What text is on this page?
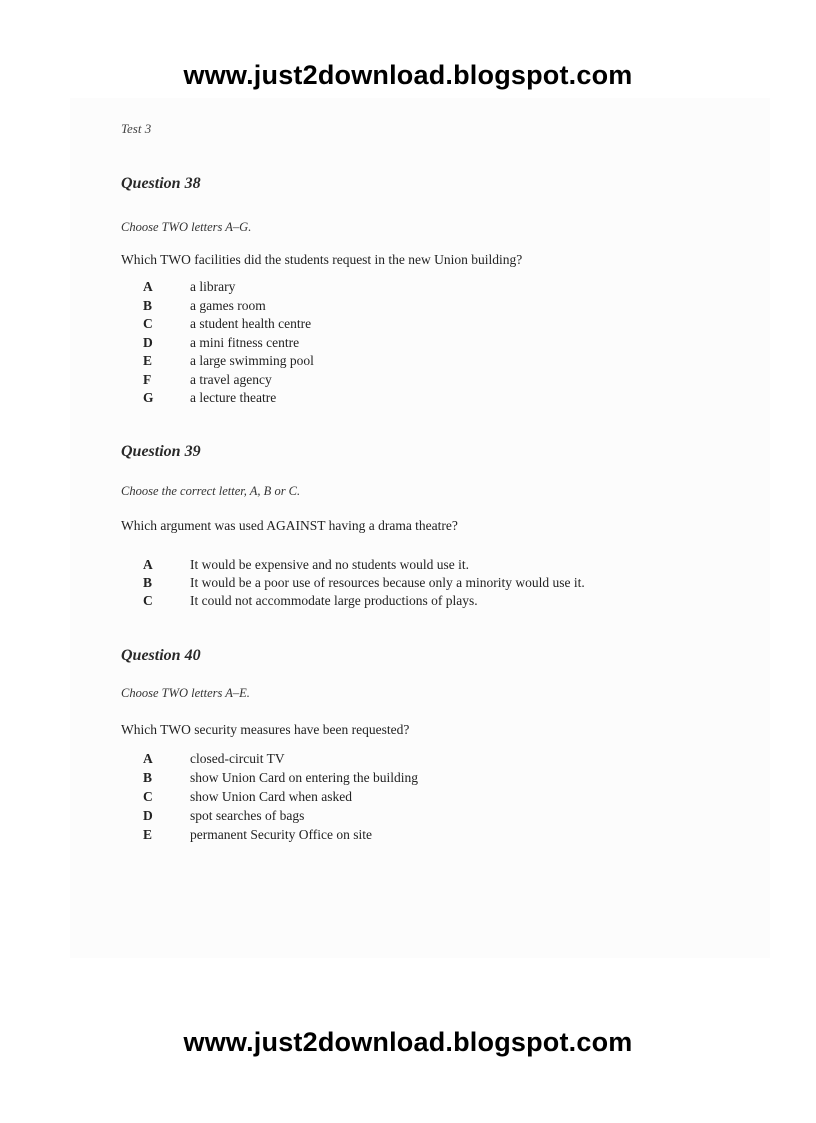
www.just2download.blogspot.com
Test 3
Question 38
Choose TWO letters A–G.
Which TWO facilities did the students request in the new Union building?
A	a library
B	a games room
C	a student health centre
D	a mini fitness centre
E	a large swimming pool
F	a travel agency
G	a lecture theatre
Question 39
Choose the correct letter, A, B or C.
Which argument was used AGAINST having a drama theatre?
A	It would be expensive and no students would use it.
B	It would be a poor use of resources because only a minority would use it.
C	It could not accommodate large productions of plays.
Question 40
Choose TWO letters A–E.
Which TWO security measures have been requested?
A	closed-circuit TV
B	show Union Card on entering the building
C	show Union Card when asked
D	spot searches of bags
E	permanent Security Office on site
www.just2download.blogspot.com
